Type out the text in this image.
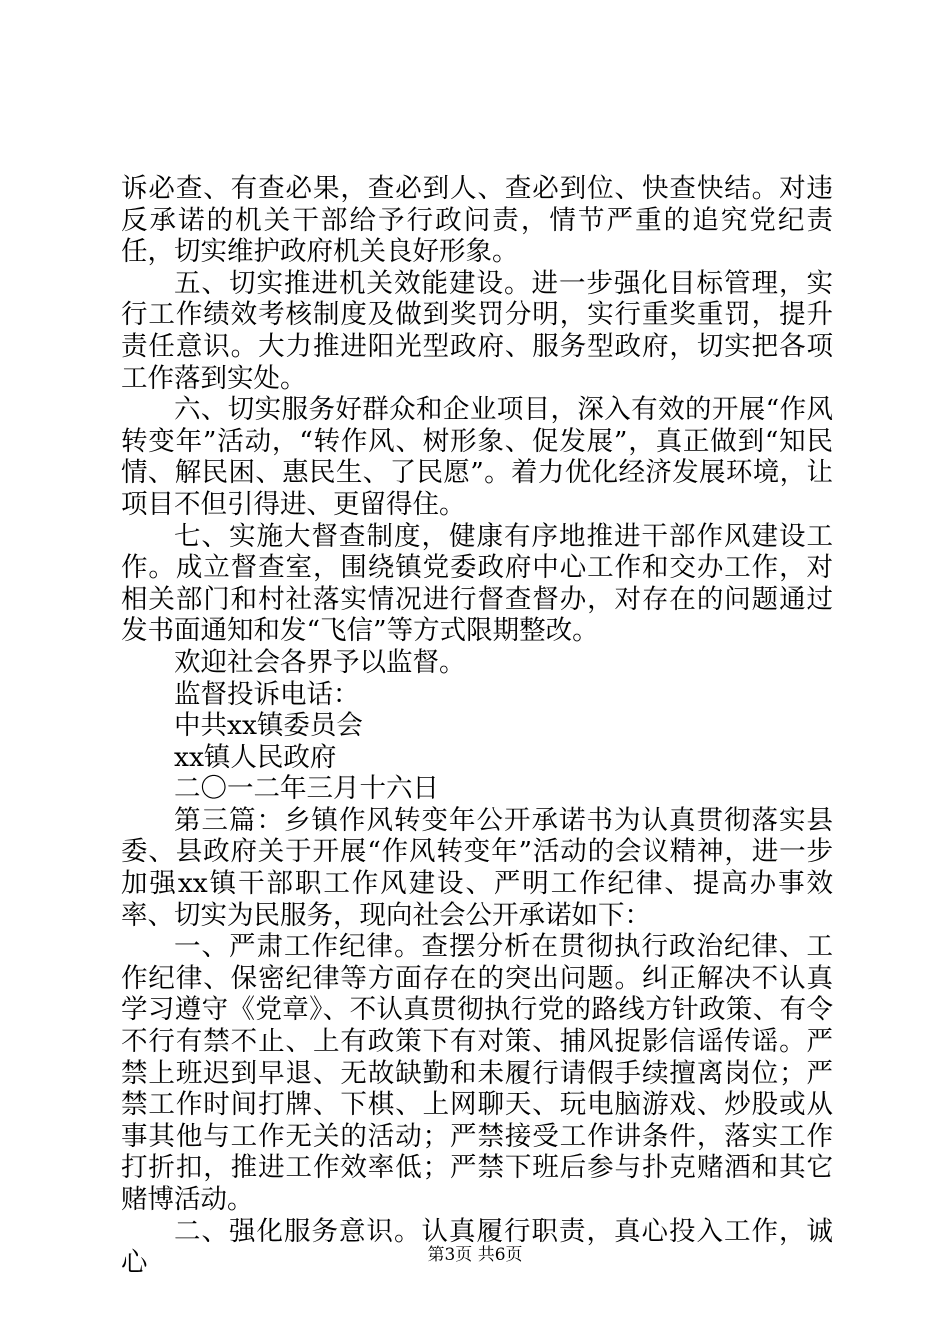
诉必查、有查必果，查必到人、查必到位、快查快结。对违反承诺的机关干部给予行政问责，情节严重的追究党纪责任，切实维护政府机关良好形象。

五、切实推进机关效能建设。进一步强化目标管理，实行工作绩效考核制度及做到奖罚分明，实行重奖重罚，提升责任意识。大力推进阳光型政府、服务型政府，切实把各项工作落到实处。

六、切实服务好群众和企业项目，深入有效的开展“作风转变年”活动，“转作风、树形象、促发展”，真正做到“知民情、解民困、惠民生、了民愿”。着力优化经济发展环境，让项目不但引得进、更留得住。

七、实施大督查制度，健康有序地推进干部作风建设工作。成立督查室，围绕镇党委政府中心工作和交办工作，对相关部门和村社落实情况进行督查督办，对存在的问题通过发书面通知和发“飞信”等方式限期整改。

欢迎社会各界予以监督。

监督投诉电话：

中共xx镇委员会

xx镇人民政府

二〇一二年三月十六日

第三篇：乡镇作风转变年公开承诺书为认真贯彻落实县委、县政府关于开展“作风转变年”活动的会议精神，进一步加强xx镇干部职工作风建设、严明工作纪律、提高办事效率、切实为民服务，现向社会公开承诺如下：

一、严肃工作纪律。查摆分析在贯彻执行政治纪律、工作纪律、保密纪律等方面存在的突出问题。纠正解决不认真学习遵守《党章》、不认真贯彻执行党的路线方针政策、有令不行有禁不止、上有政策下有对策、捕风捉影信谣传谣。严禁上班迟到早退、无故缺勤和未履行请假手续擅离岗位；严禁工作时间打牌、下棋、上网聊天、玩电脑游戏、炒股或从事其他与工作无关的活动；严禁接受工作讲条件，落实工作打折扣，推进工作效率低；严禁下班后参与扑克赌酒和其它赌博活动。

二、强化服务意识。认真履行职责，真心投入工作，诚心	第3页 共6页
